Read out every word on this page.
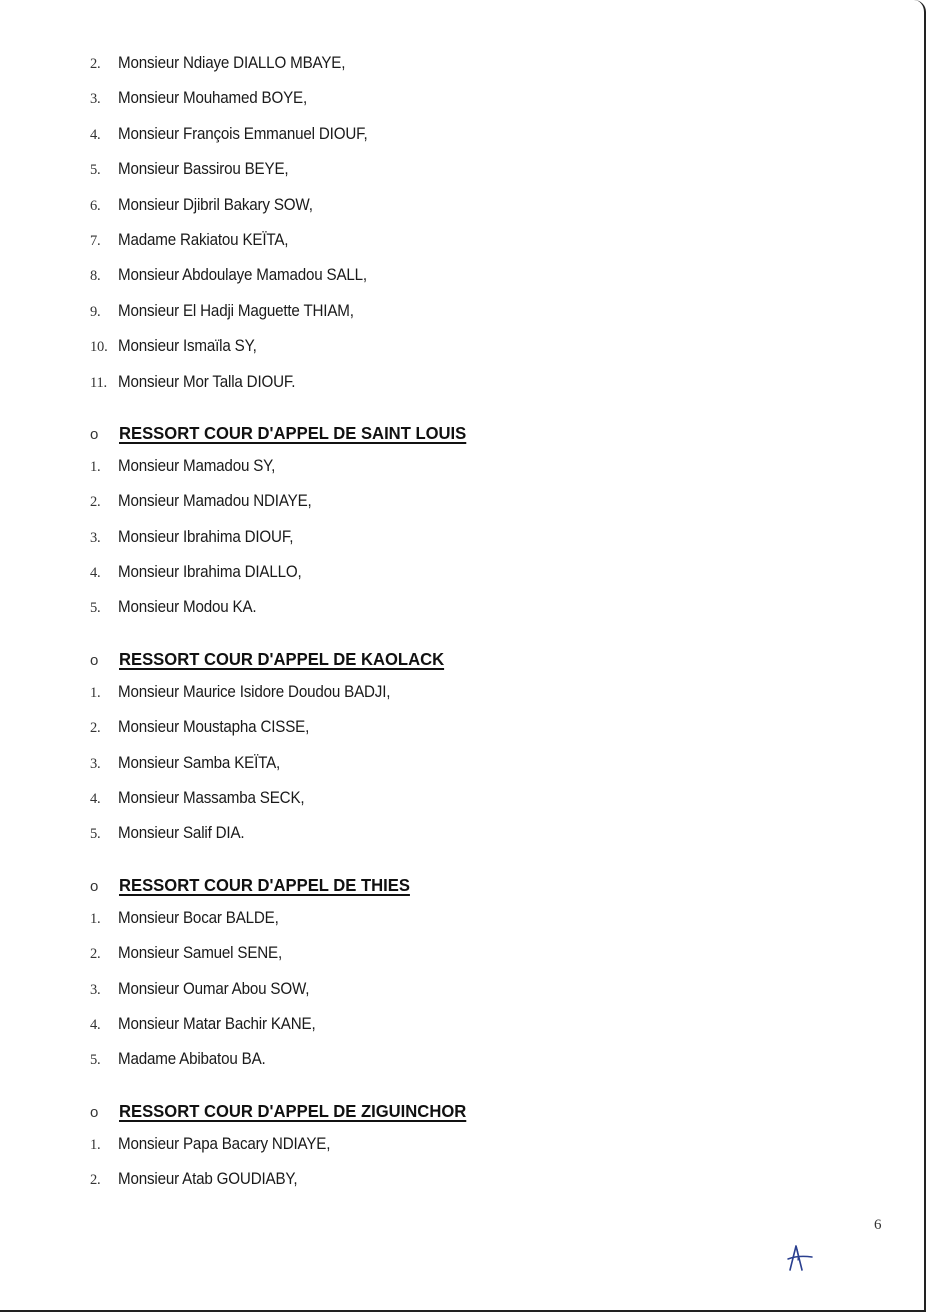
2.	Monsieur Ndiaye DIALLO MBAYE,
3.	Monsieur Mouhamed BOYE,
4.	Monsieur François Emmanuel DIOUF,
5.	Monsieur Bassirou BEYE,
6.	Monsieur Djibril Bakary SOW,
7.	Madame Rakiatou KEÏTA,
8.	Monsieur Abdoulaye Mamadou SALL,
9.	Monsieur El Hadji Maguette THIAM,
10. Monsieur Ismaïla SY,
11. Monsieur Mor Talla DIOUF.
o	RESSORT COUR D'APPEL DE SAINT LOUIS
1.	Monsieur Mamadou SY,
2.	Monsieur Mamadou NDIAYE,
3.	Monsieur Ibrahima DIOUF,
4.	Monsieur Ibrahima DIALLO,
5.	Monsieur Modou KA.
o	RESSORT COUR D'APPEL DE KAOLACK
1.	Monsieur Maurice Isidore Doudou BADJI,
2.	Monsieur Moustapha CISSE,
3.	Monsieur Samba KEÏTA,
4.	Monsieur Massamba SECK,
5.	Monsieur Salif DIA.
o	RESSORT COUR D'APPEL DE THIES
1.	Monsieur Bocar BALDE,
2.	Monsieur Samuel SENE,
3.	Monsieur Oumar Abou SOW,
4.	Monsieur Matar Bachir KANE,
5.	Madame Abibatou BA.
o	RESSORT COUR D'APPEL DE ZIGUINCHOR
1.	Monsieur Papa Bacary NDIAYE,
2.	Monsieur Atab GOUDIABY,
6
